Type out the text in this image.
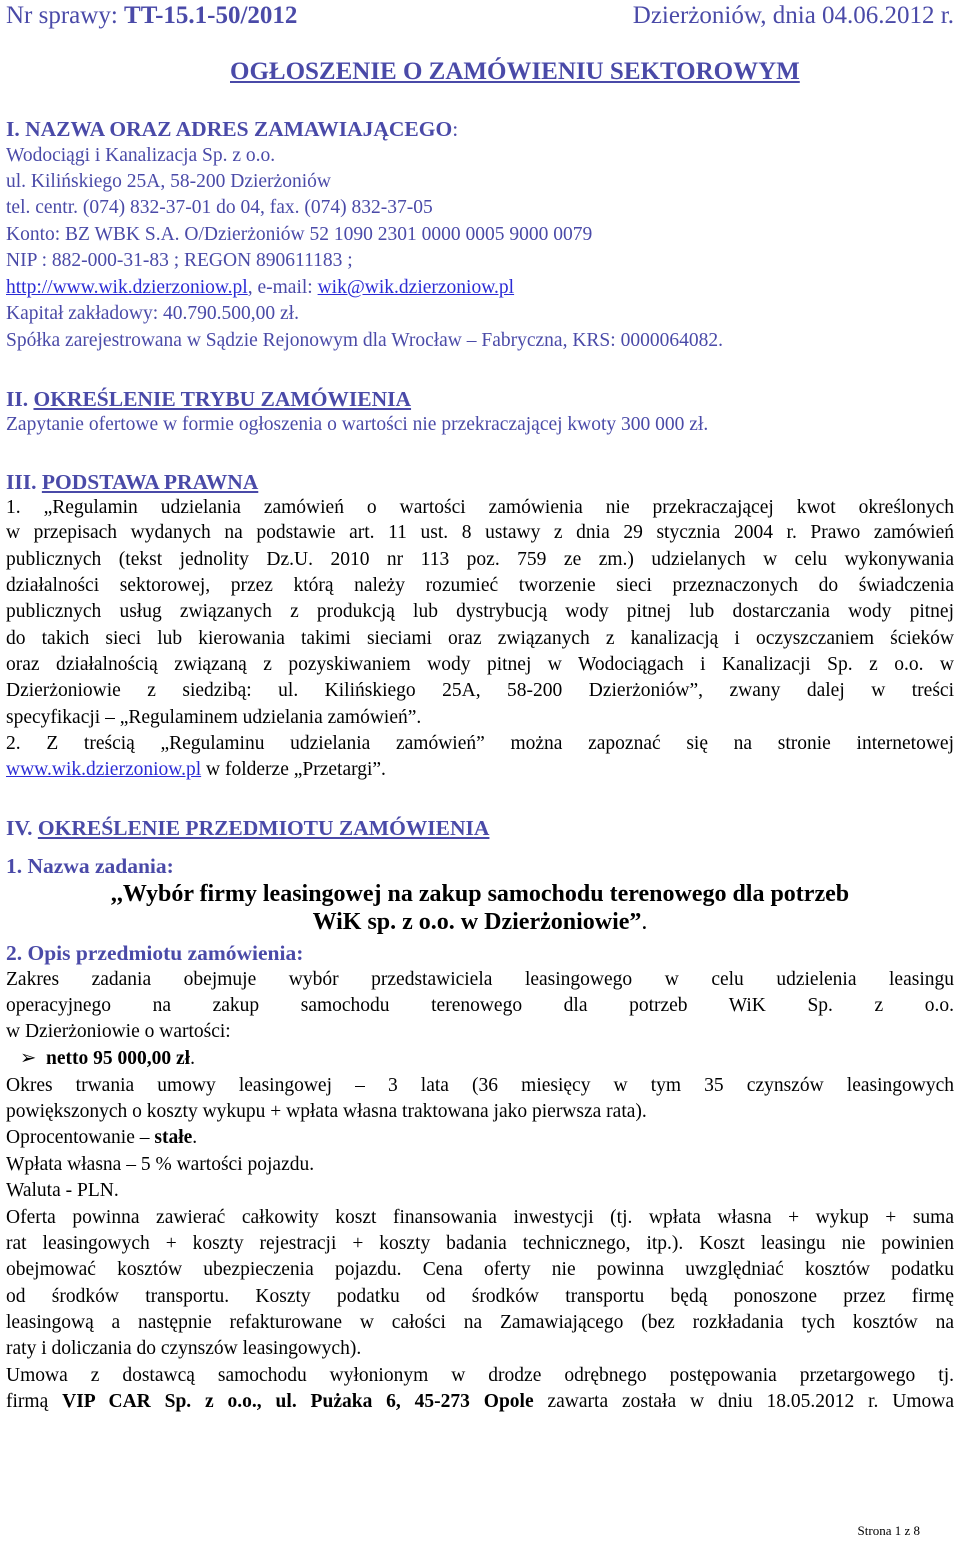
Nr sprawy: TT-15.1-50/2012	Dzierżoniów, dnia 04.06.2012 r.
OGŁOSZENIE O ZAMÓWIENIU SEKTOROWYM
I. NAZWA ORAZ ADRES ZAMAWIAJĄCEGO:
Wodociągi i Kanalizacja Sp. z o.o.
ul. Kilińskiego 25A, 58-200 Dzierżoniów
tel. centr. (074) 832-37-01 do 04, fax. (074) 832-37-05
Konto: BZ WBK S.A. O/Dzierżoniów 52 1090 2301 0000 0005 9000 0079
NIP : 882-000-31-83 ; REGON 890611183 ;
http://www.wik.dzierzoniow.pl, e-mail: wik@wik.dzierzoniow.pl
Kapitał zakładowy: 40.790.500,00 zł.
Spółka zarejestrowana w Sądzie Rejonowym dla Wrocław – Fabryczna, KRS: 0000064082.
II. OKREŚLENIE TRYBU ZAMÓWIENIA
Zapytanie ofertowe w formie ogłoszenia o wartości nie przekraczającej kwoty 300 000 zł.
III. PODSTAWA PRAWNA
1. „Regulamin udzielania zamówień o wartości zamówienia nie przekraczającej kwot określonych
w przepisach wydanych na podstawie art. 11 ust. 8 ustawy z dnia 29 stycznia 2004 r. Prawo zamówień
publicznych (tekst jednolity Dz.U. 2010 nr 113 poz. 759 ze zm.) udzielanych w celu wykonywania
działalności sektorowej, przez którą należy rozumieć tworzenie sieci przeznaczonych do świadczenia
publicznych usług związanych z produkcją lub dystrybucją wody pitnej lub dostarczania wody pitnej
do takich sieci lub kierowania takimi sieciami oraz związanych z kanalizacją i oczyszczaniem ścieków
oraz działalnością związaną z pozyskiwaniem wody pitnej w Wodociągach i Kanalizacji Sp. z o.o. w
Dzierżoniowie z siedzibą: ul. Kilińskiego 25A, 58-200 Dzierżoniów”, zwany dalej w treści
specyfikacji – „Regulaminem udzielania zamówień”.
2. Z treścią „Regulaminu udzielania zamówień” można zapoznać się na stronie internetowej
www.wik.dzierzoniow.pl w folderze „Przetargi”.
IV. OKREŚLENIE PRZEDMIOTU ZAMÓWIENIA
1. Nazwa zadania:
,,Wybór firmy leasingowej na zakup samochodu terenowego dla potrzeb
WiK sp. z o.o. w Dzierżoniowie”.
2. Opis przedmiotu zamówienia:
Zakres zadania obejmuje wybór przedstawiciela leasingowego w celu udzielenia leasingu
operacyjnego na zakup samochodu terenowego dla potrzeb WiK Sp. z o.o.
w Dzierżoniowie o wartości:
➢ netto 95 000,00 zł.
Okres trwania umowy leasingowej – 3 lata (36 miesięcy w tym 35 czynszów leasingowych
powiększonych o koszty wykupu + wpłata własna traktowana jako pierwsza rata).
Oprocentowanie – stałe.
Wpłata własna – 5 % wartości pojazdu.
Waluta - PLN.
Oferta powinna zawierać całkowity koszt finansowania inwestycji (tj. wpłata własna + wykup + suma
rat leasingowych + koszty rejestracji + koszty badania technicznego, itp.). Koszt leasingu nie powinien
obejmować kosztów ubezpieczenia pojazdu. Cena oferty nie powinna uwzględniać kosztów podatku
od środków transportu. Koszty podatku od środków transportu będą ponoszone przez firmę
leasingową a następnie refakturowane w całości na Zamawiającego (bez rozkładania tych kosztów na
raty i doliczania do czynszów leasingowych).
Umowa z dostawcą samochodu wyłonionym w drodze odrębnego postępowania przetargowego tj.
firmą VIP CAR Sp. z o.o., ul. Pużaka 6, 45-273 Opole zawarta została w dniu 18.05.2012 r. Umowa
Strona 1 z 8
